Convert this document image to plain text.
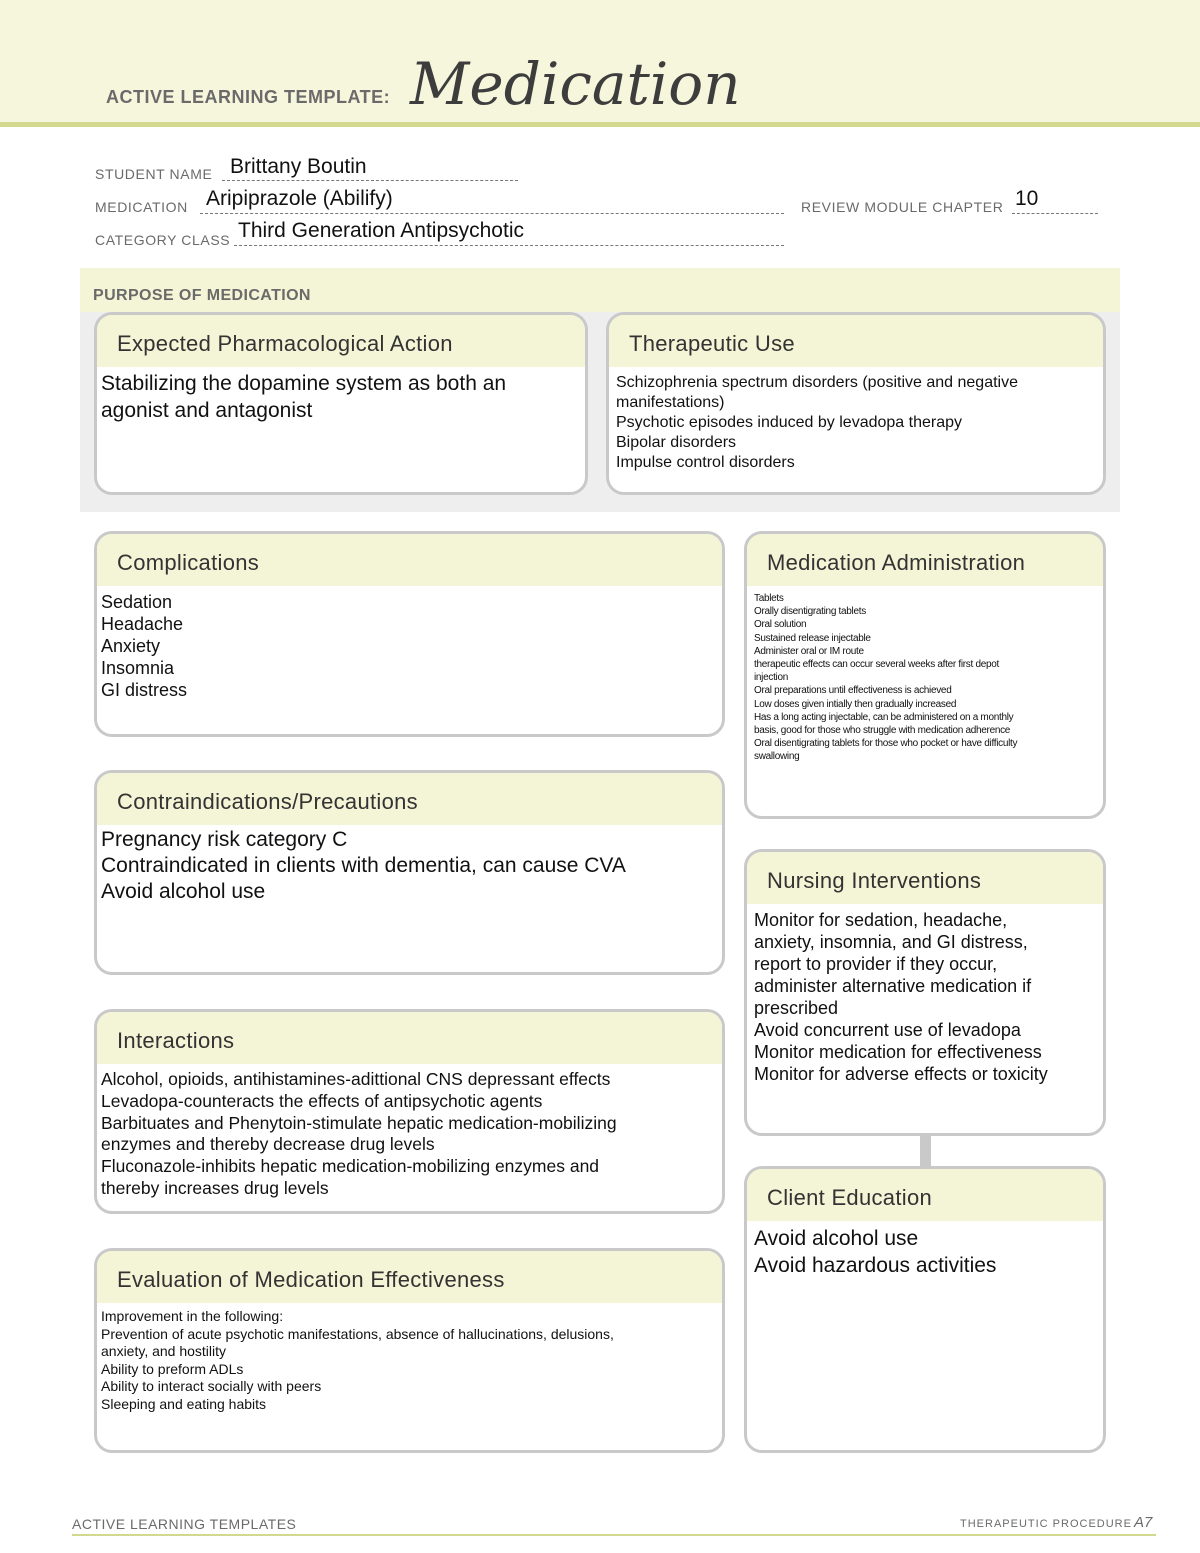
ACTIVE LEARNING TEMPLATE: Medication
STUDENT NAME Brittany Boutin
MEDICATION Aripiprazole (Abilify)	REVIEW MODULE CHAPTER 10
CATEGORY CLASS Third Generation Antipsychotic
PURPOSE OF MEDICATION
Expected Pharmacological Action
Stabilizing the dopamine system as both an
agonist and antagonist
Therapeutic Use
Schizophrenia spectrum disorders (positive and negative
manifestations)
Psychotic episodes induced by levadopa therapy
Bipolar disorders
Impulse control disorders
Complications
Sedation
Headache
Anxiety
Insomnia
GI distress
Medication Administration
Tablets
Orally disentigrating tablets
Oral solution
Sustained release injectable
Administer oral or IM route
therapeutic effects can occur several weeks after first depot
injection
Oral preparations until effectiveness is achieved
Low doses given intially then gradually increased
Has a long acting injectable, can be administered on a monthly
basis, good for those who struggle with medication adherence
Oral disentigrating tablets for those who pocket or have difficulty
swallowing
Contraindications/Precautions
Pregnancy risk category C
Contraindicated in clients with dementia, can cause CVA
Avoid alcohol use	Nursing Interventions
Monitor for sedation, headache,
anxiety, insomnia, and GI distress,
report to provider if they occur,
administer alternative medication if
prescribed
Avoid concurrent use of levadopa
Monitor medication for effectiveness
Monitor for adverse effects or toxicity
Interactions
Alcohol, opioids, antihistamines-adittional CNS depressant effects
Levadopa-counteracts the effects of antipsychotic agents
Barbituates and Phenytoin-stimulate hepatic medication-mobilizing
enzymes and thereby decrease drug levels
Fluconazole-inhibits hepatic medication-mobilizing enzymes and
thereby increases drug levels	Client Education
Avoid alcohol use
Avoid hazardous activities
Evaluation of Medication Effectiveness
Improvement in the following:
Prevention of acute psychotic manifestations, absence of hallucinations, delusions,
anxiety, and hostility
Ability to preform ADLs
Ability to interact socially with peers
Sleeping and eating habits
ACTIVE LEARNING TEMPLATES	THERAPEUTIC PROCEDURE A7
